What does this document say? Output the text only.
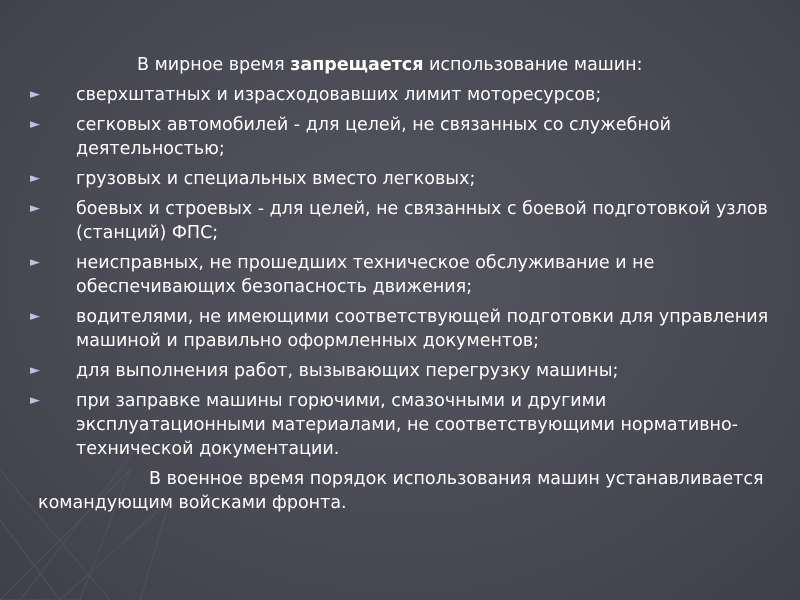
В мирное время запрещается использование машин:

► сверхштатных и израсходовавших лимит моторесурсов;
► сегковых автомобилей - для целей, не связанных со служебной деятельностью;
► грузовых и специальных вместо легковых;
► боевых и строевых - для целей, не связанных с боевой подготовкой узлов (станций) ФПС;
► неисправных, не прошедших техническое обслуживание и не обеспечивающих безопасность движения;
► водителями, не имеющими соответствующей подготовки для управления машиной и правильно оформленных документов;
► для выполнения работ, вызывающих перегрузку машины;
► при заправке машины горючими, смазочными и другими эксплуатационными материалами, не соответствующими нормативно-технической документации.

В военное время порядок использования машин устанавливается командующим войсками фронта.
